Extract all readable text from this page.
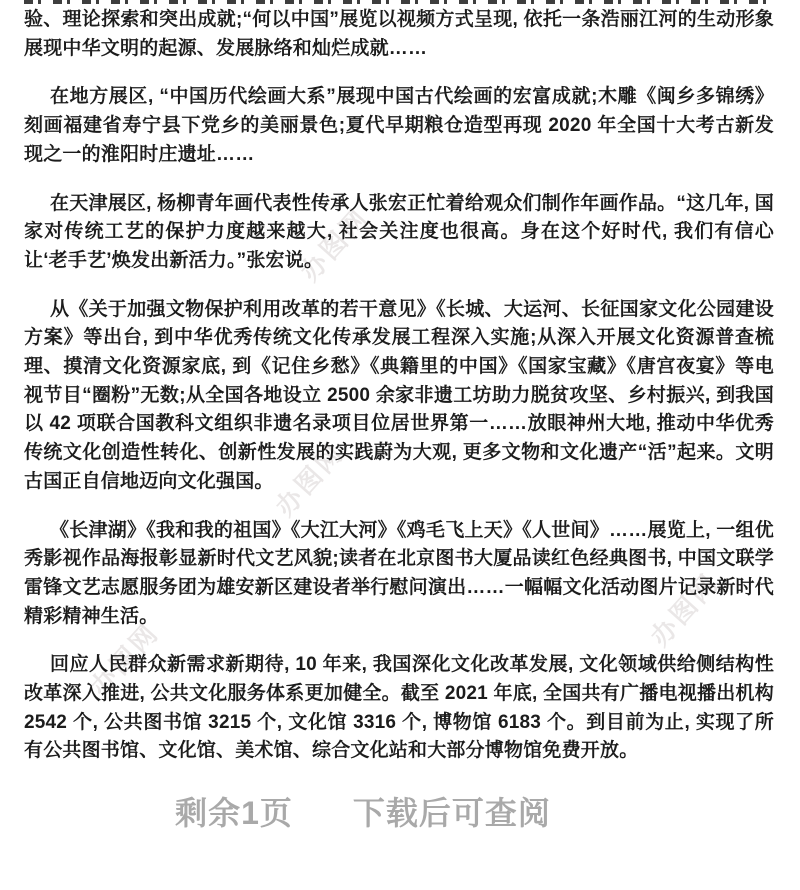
办图网
办图网
办图网
办图网

验、理论探索和突出成就;“何以中国”展览以视频方式呈现, 依托一条浩丽江河的生动形象展现中华文明的起源、发展脉络和灿烂成就……

在地方展区, “中国历代绘画大系”展现中国古代绘画的宏富成就;木雕《闽乡多锦绣》刻画福建省寿宁县下党乡的美丽景色;夏代早期粮仓造型再现 2020 年全国十大考古新发现之一的淮阳时庄遗址……

在天津展区, 杨柳青年画代表性传承人张宏正忙着给观众们制作年画作品。“这几年, 国家对传统工艺的保护力度越来越大, 社会关注度也很高。身在这个好时代, 我们有信心让‘老手艺’焕发出新活力。”张宏说。

从《关于加强文物保护利用改革的若干意见》《长城、大运河、长征国家文化公园建设方案》等出台, 到中华优秀传统文化传承发展工程深入实施;从深入开展文化资源普查梳理、摸清文化资源家底, 到《记住乡愁》《典籍里的中国》《国家宝藏》《唐宫夜宴》等电视节目“圈粉”无数;从全国各地设立 2500 余家非遗工坊助力脱贫攻坚、乡村振兴, 到我国以 42 项联合国教科文组织非遗名录项目位居世界第一……放眼神州大地, 推动中华优秀传统文化创造性转化、创新性发展的实践蔚为大观, 更多文物和文化遗产“活”起来。文明古国正自信地迈向文化强国。

《长津湖》《我和我的祖国》《大江大河》《鸡毛飞上天》《人世间》……展览上, 一组优秀影视作品海报彰显新时代文艺风貌;读者在北京图书大厦品读红色经典图书, 中国文联学雷锋文艺志愿服务团为雄安新区建设者举行慰问演出……一幅幅文化活动图片记录新时代精彩精神生活。

回应人民群众新需求新期待, 10 年来, 我国深化文化改革发展, 文化领域供给侧结构性改革深入推进, 公共文化服务体系更加健全。截至 2021 年底, 全国共有广播电视播出机构 2542 个, 公共图书馆 3215 个, 文化馆 3316 个, 博物馆 6183 个。到目前为止, 实现了所有公共图书馆、文化馆、美术馆、综合文化站和大部分博物馆免费开放。

剩余1页 下载后可查阅
